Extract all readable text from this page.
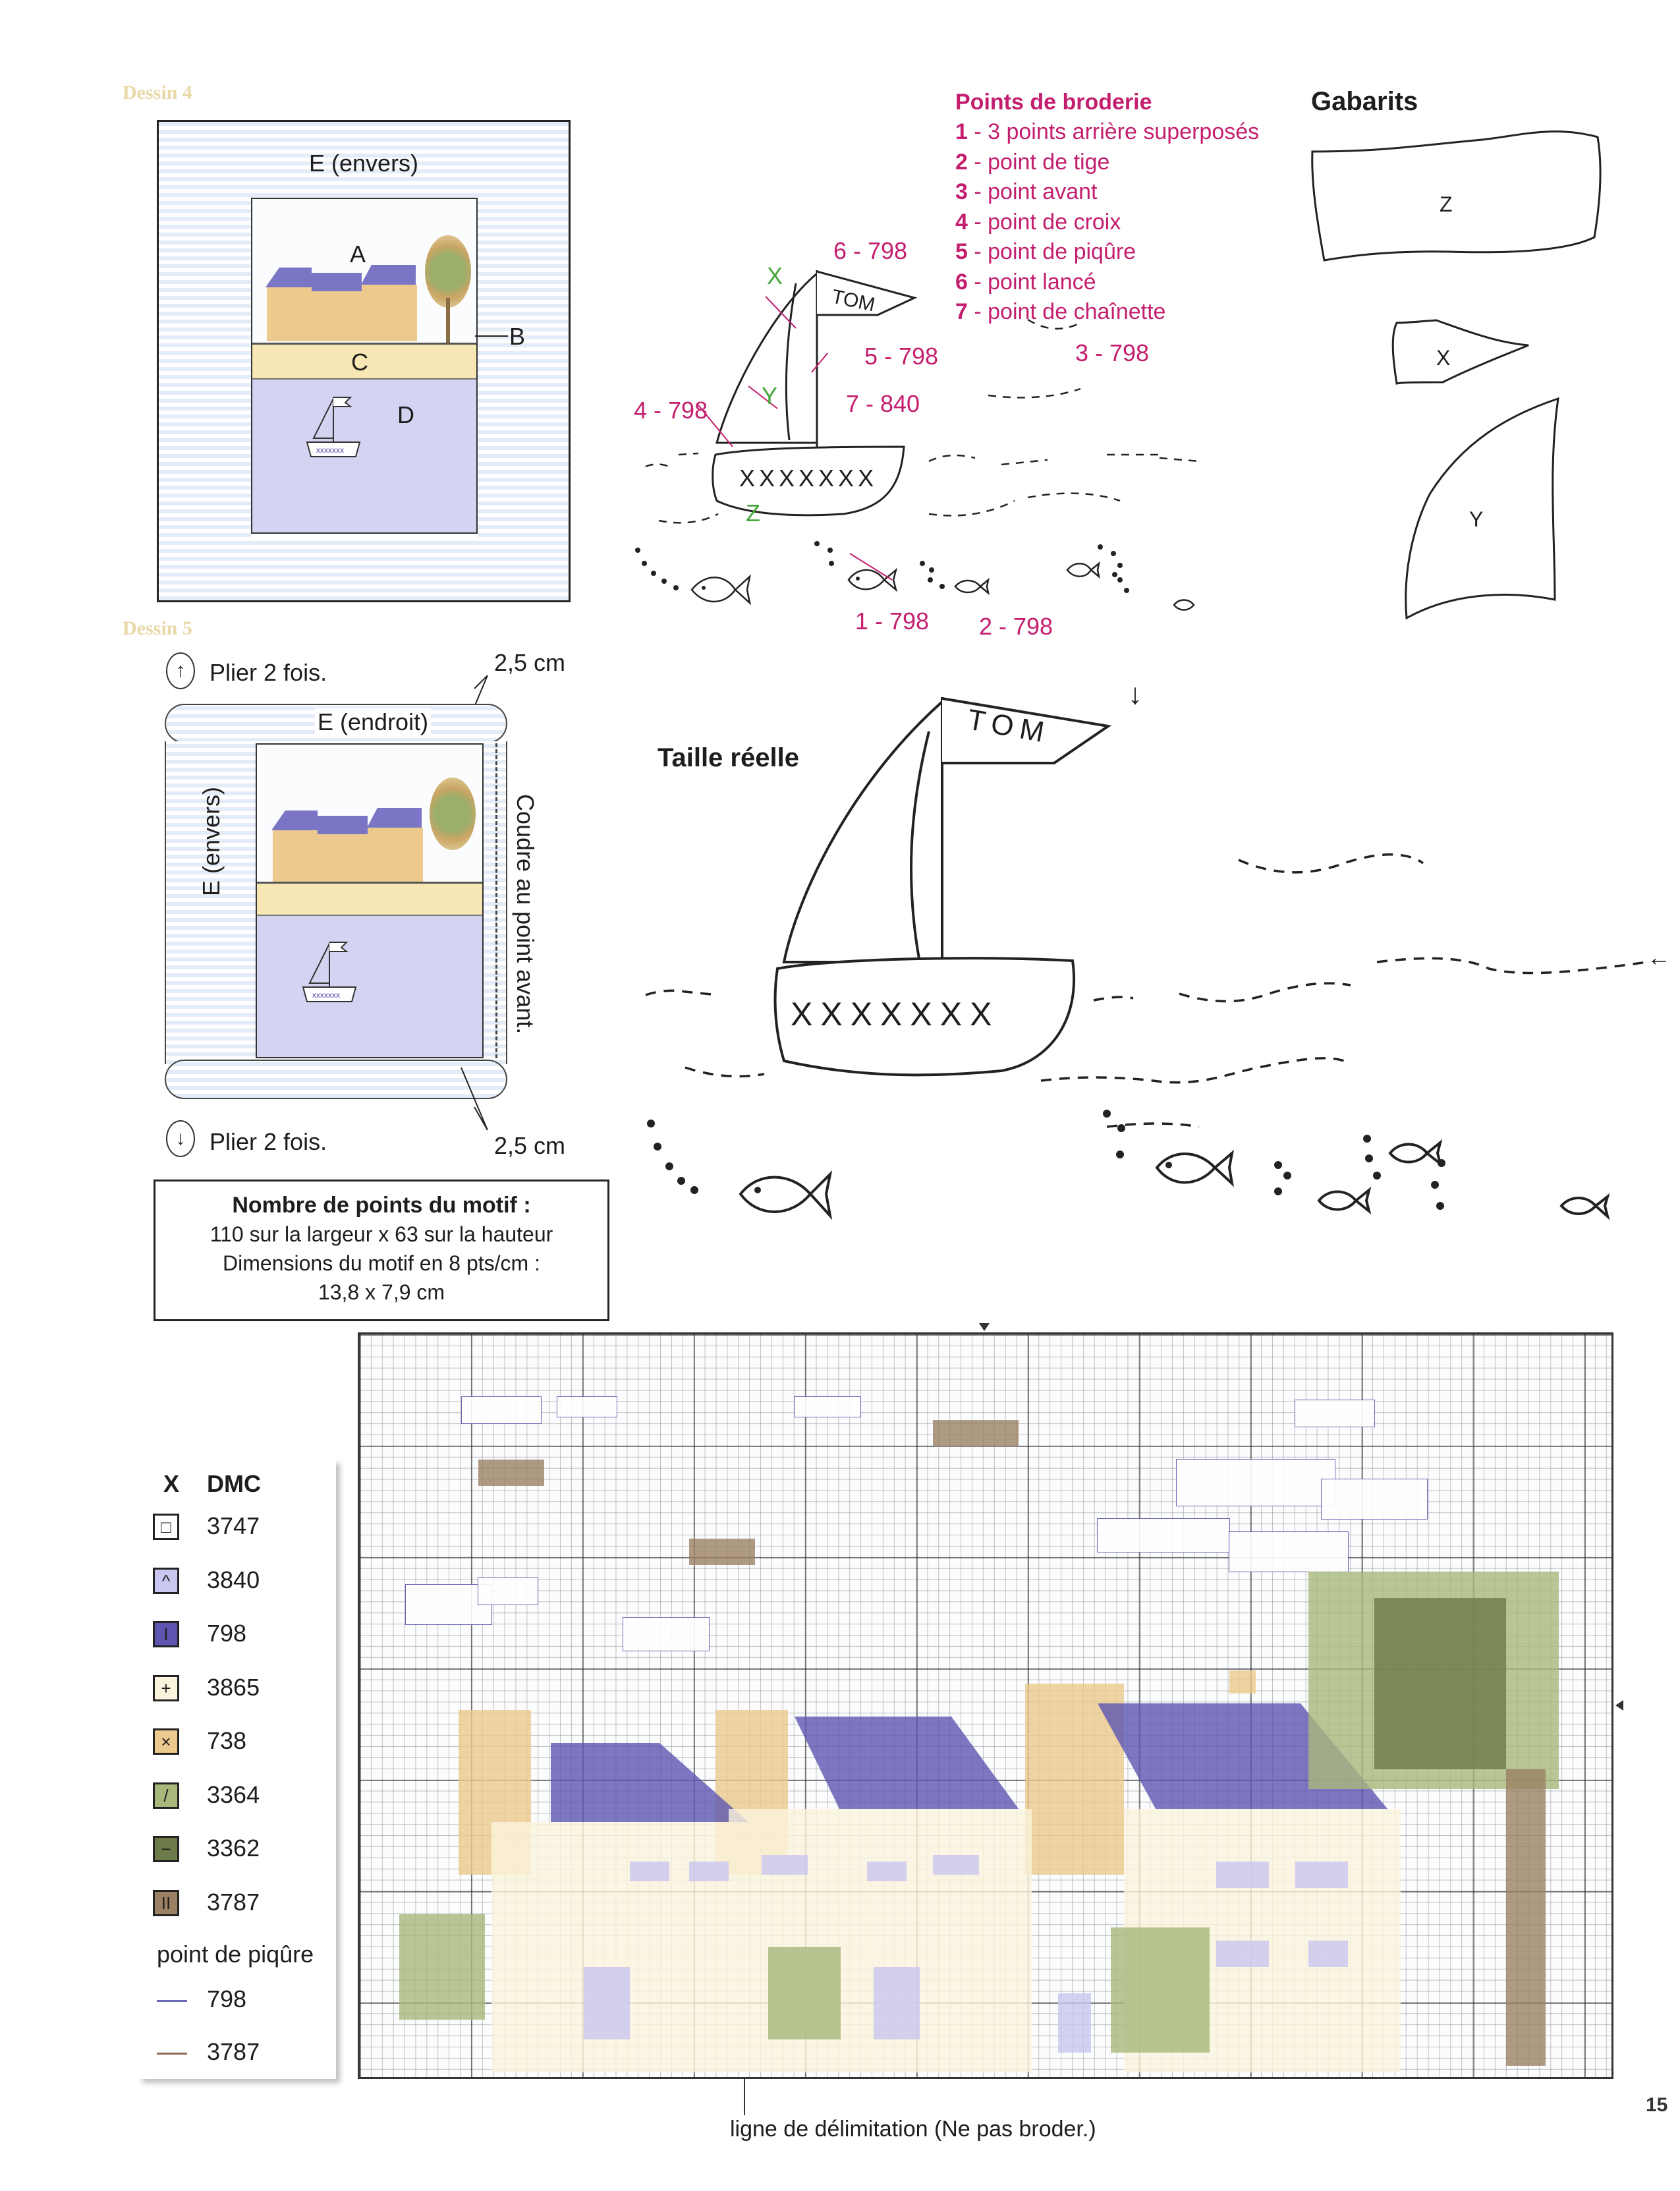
Dessin 4
E (envers)
A
B
C
D
xxxxxxx
Dessin 5
↑	Plier 2 fois.	2,5 cm
E (endroit)
xxxxxxx
E (envers)	Coudre au point avant.
↓	Plier 2 fois.	2,5 cm
Nombre de points du motif :
110 sur la largeur x 63 sur la hauteur
Dimensions du motif en 8 pts/cm :
13,8 x 7,9 cm
Points de broderie
1 - 3 points arrière superposés
2 - point de tige
3 - point avant
4 - point de croix
5 - point de piqûre
6 - point lancé
7 - point de chaînette
TOM
XXXXXXX
X
Y
Z
6 - 798
5 - 798
7 - 840
4 - 798
3 - 798
1 - 798 2 - 798
Gabarits
Z
X
Y
Taille réelle
↓
←
TOM
XXXXXXX
X DMC
□	3747
^	3840
I	798
+	3865
×	738
/	3364
−	3362
II	3787
point de piqûre
798
3787
ligne de délimitation (Ne pas broder.)
15
